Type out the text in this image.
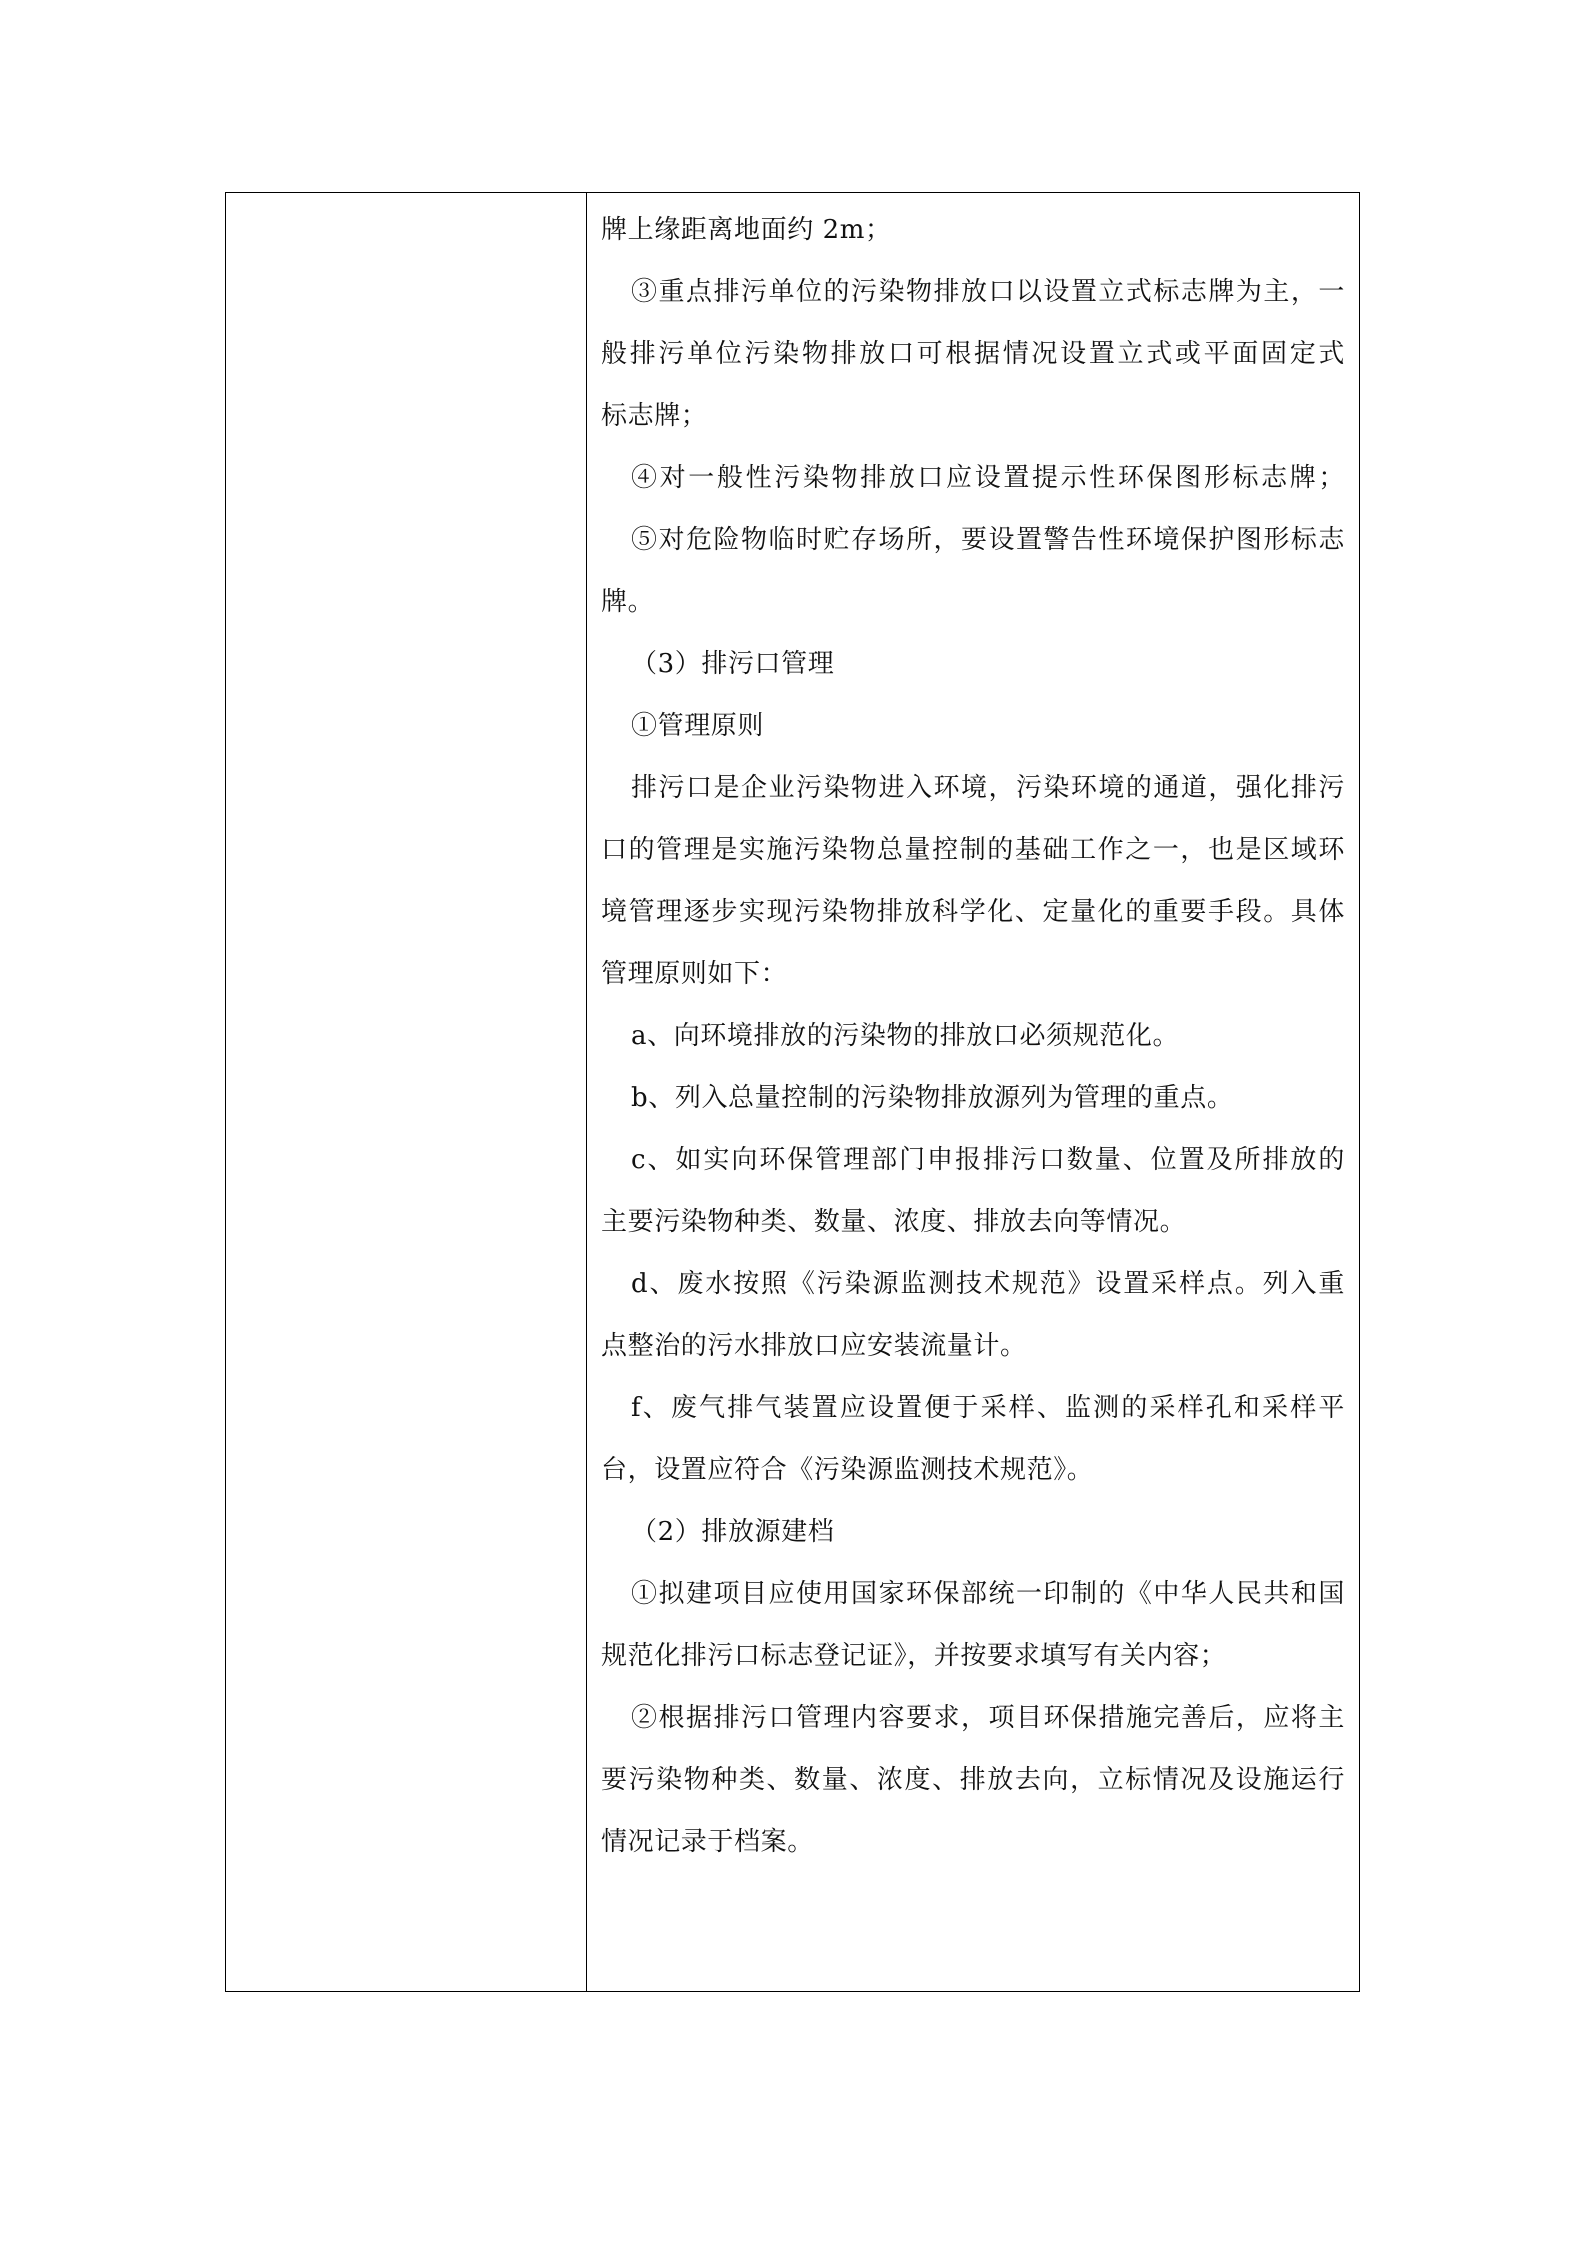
牌上缘距离地面约 2m；
③重点排污单位的污染物排放口以设置立式标志牌为主，一
般排污单位污染物排放口可根据情况设置立式或平面固定式
标志牌；
④对一般性污染物排放口应设置提示性环保图形标志牌；
⑤对危险物临时贮存场所，要设置警告性环境保护图形标志
牌。
（3）排污口管理
①管理原则
排污口是企业污染物进入环境，污染环境的通道，强化排污
口的管理是实施污染物总量控制的基础工作之一，也是区域环
境管理逐步实现污染物排放科学化、定量化的重要手段。具体
管理原则如下：
a、向环境排放的污染物的排放口必须规范化。
b、列入总量控制的污染物排放源列为管理的重点。
c、如实向环保管理部门申报排污口数量、位置及所排放的
主要污染物种类、数量、浓度、排放去向等情况。
d、废水按照《污染源监测技术规范》设置采样点。列入重
点整治的污水排放口应安装流量计。
f、废气排气装置应设置便于采样、监测的采样孔和采样平
台，设置应符合《污染源监测技术规范》。
（2）排放源建档
①拟建项目应使用国家环保部统一印制的《中华人民共和国
规范化排污口标志登记证》，并按要求填写有关内容；
②根据排污口管理内容要求，项目环保措施完善后，应将主
要污染物种类、数量、浓度、排放去向，立标情况及设施运行
情况记录于档案。
